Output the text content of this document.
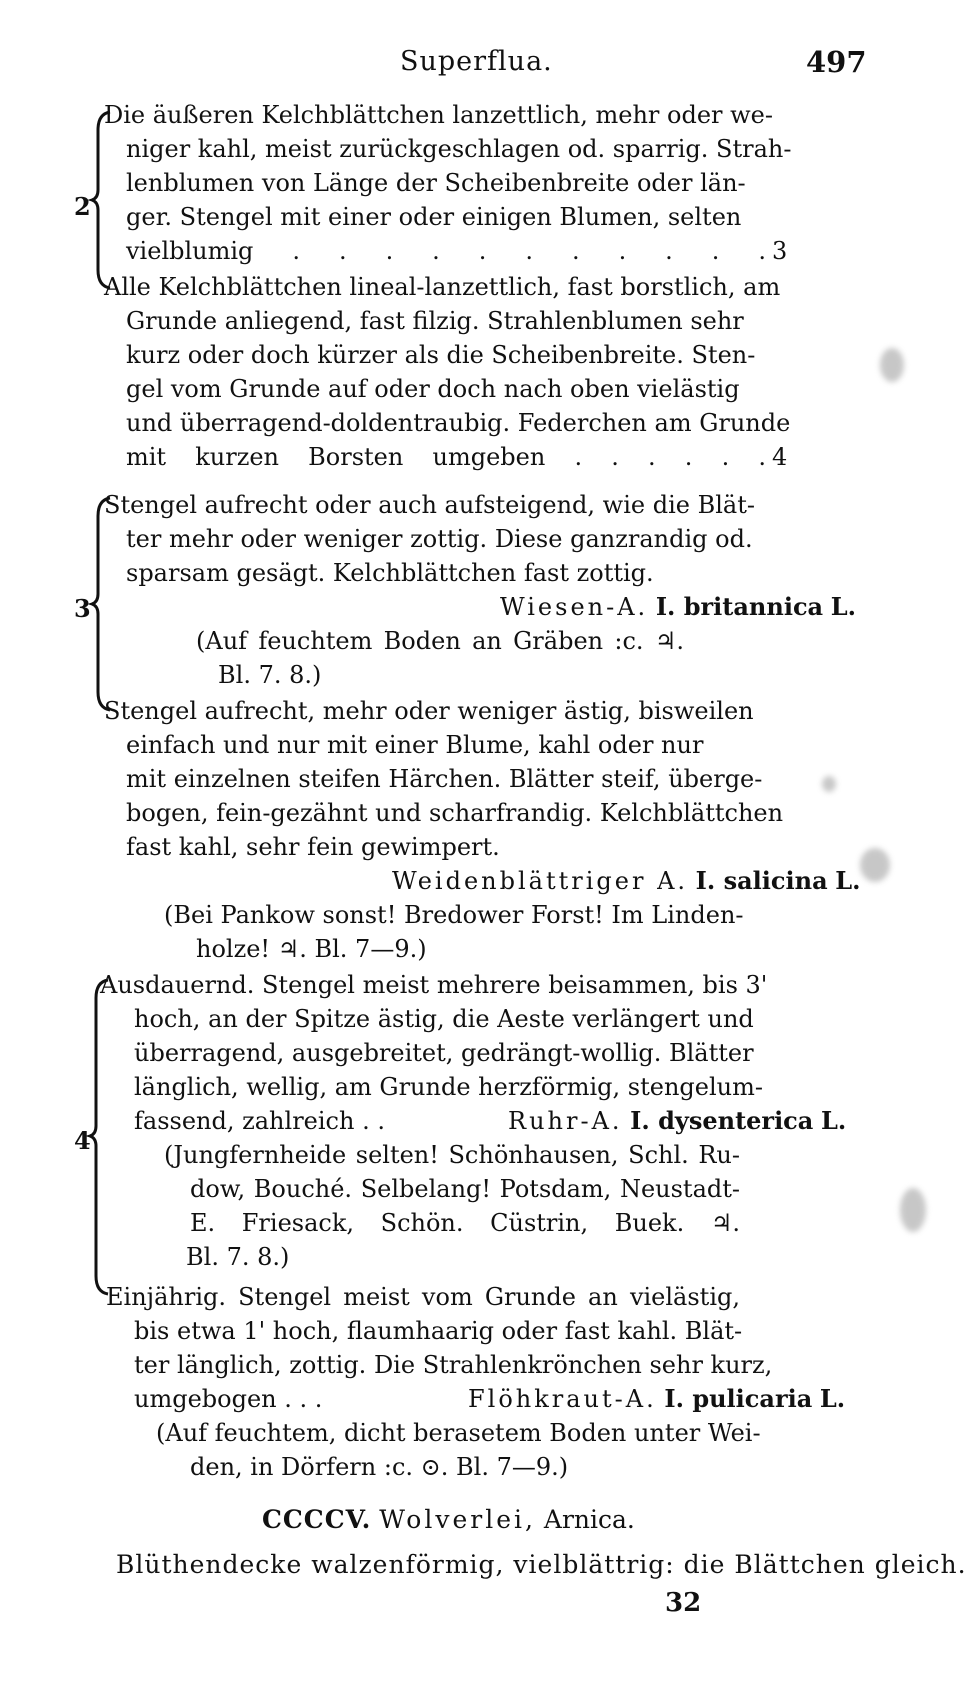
Superflua.	497
2
Die äußeren Kelchblättchen lanzettlich, mehr oder we-
niger kahl, meist zurückgeschlagen od. sparrig. Strah-
lenblumen von Länge der Scheibenbreite oder län-
ger. Stengel mit einer oder einigen Blumen, selten
vielblumig . . . . . . . . . . . 3
Alle Kelchblättchen lineal-lanzettlich, fast borstlich, am
Grunde anliegend, fast filzig. Strahlenblumen sehr
kurz oder doch kürzer als die Scheibenbreite. Sten-
gel vom Grunde auf oder doch nach oben vielästig
und überragend-doldentraubig. Federchen am Grunde
mit kurzen Borsten umgeben . . . . . . 4
3
Stengel aufrecht oder auch aufsteigend, wie die Blät-
ter mehr oder weniger zottig. Diese ganzrandig od.
sparsam gesägt. Kelchblättchen fast zottig.
Wiesen-A. I. britannica L.
(Auf feuchtem Boden an Gräben :c. ♃.
Bl. 7. 8.)
Stengel aufrecht, mehr oder weniger ästig, bisweilen
einfach und nur mit einer Blume, kahl oder nur
mit einzelnen steifen Härchen. Blätter steif, überge-
bogen, fein-gezähnt und scharfrandig. Kelchblättchen
fast kahl, sehr fein gewimpert.
Weidenblättriger A. I. salicina L.
(Bei Pankow sonst! Bredower Forst! Im Linden-
holze! ♃. Bl. 7—9.)
4
Ausdauernd. Stengel meist mehrere beisammen, bis 3'
hoch, an der Spitze ästig, die Aeste verlängert und
überragend, ausgebreitet, gedrängt-wollig. Blätter
länglich, wellig, am Grunde herzförmig, stengelum-
fassend, zahlreich . .	Ruhr-A. I. dysenterica L.
(Jungfernheide selten! Schönhausen, Schl. Ru-
dow, Bouché. Selbelang! Potsdam, Neustadt-
E. Friesack, Schön. Cüstrin, Buek. ♃.
Bl. 7. 8.)
Einjährig. Stengel meist vom Grunde an vielästig,
bis etwa 1' hoch, flaumhaarig oder fast kahl. Blät-
ter länglich, zottig. Die Strahlenkrönchen sehr kurz,
umgebogen . . .	Flöhkraut-A. I. pulicaria L.
(Auf feuchtem, dicht berasetem Boden unter Wei-
den, in Dörfern :c. ⊙. Bl. 7—9.)
CCCCV. Wolverlei, Arnica.
Blüthendecke walzenförmig, vielblättrig: die Blättchen gleich.
32
